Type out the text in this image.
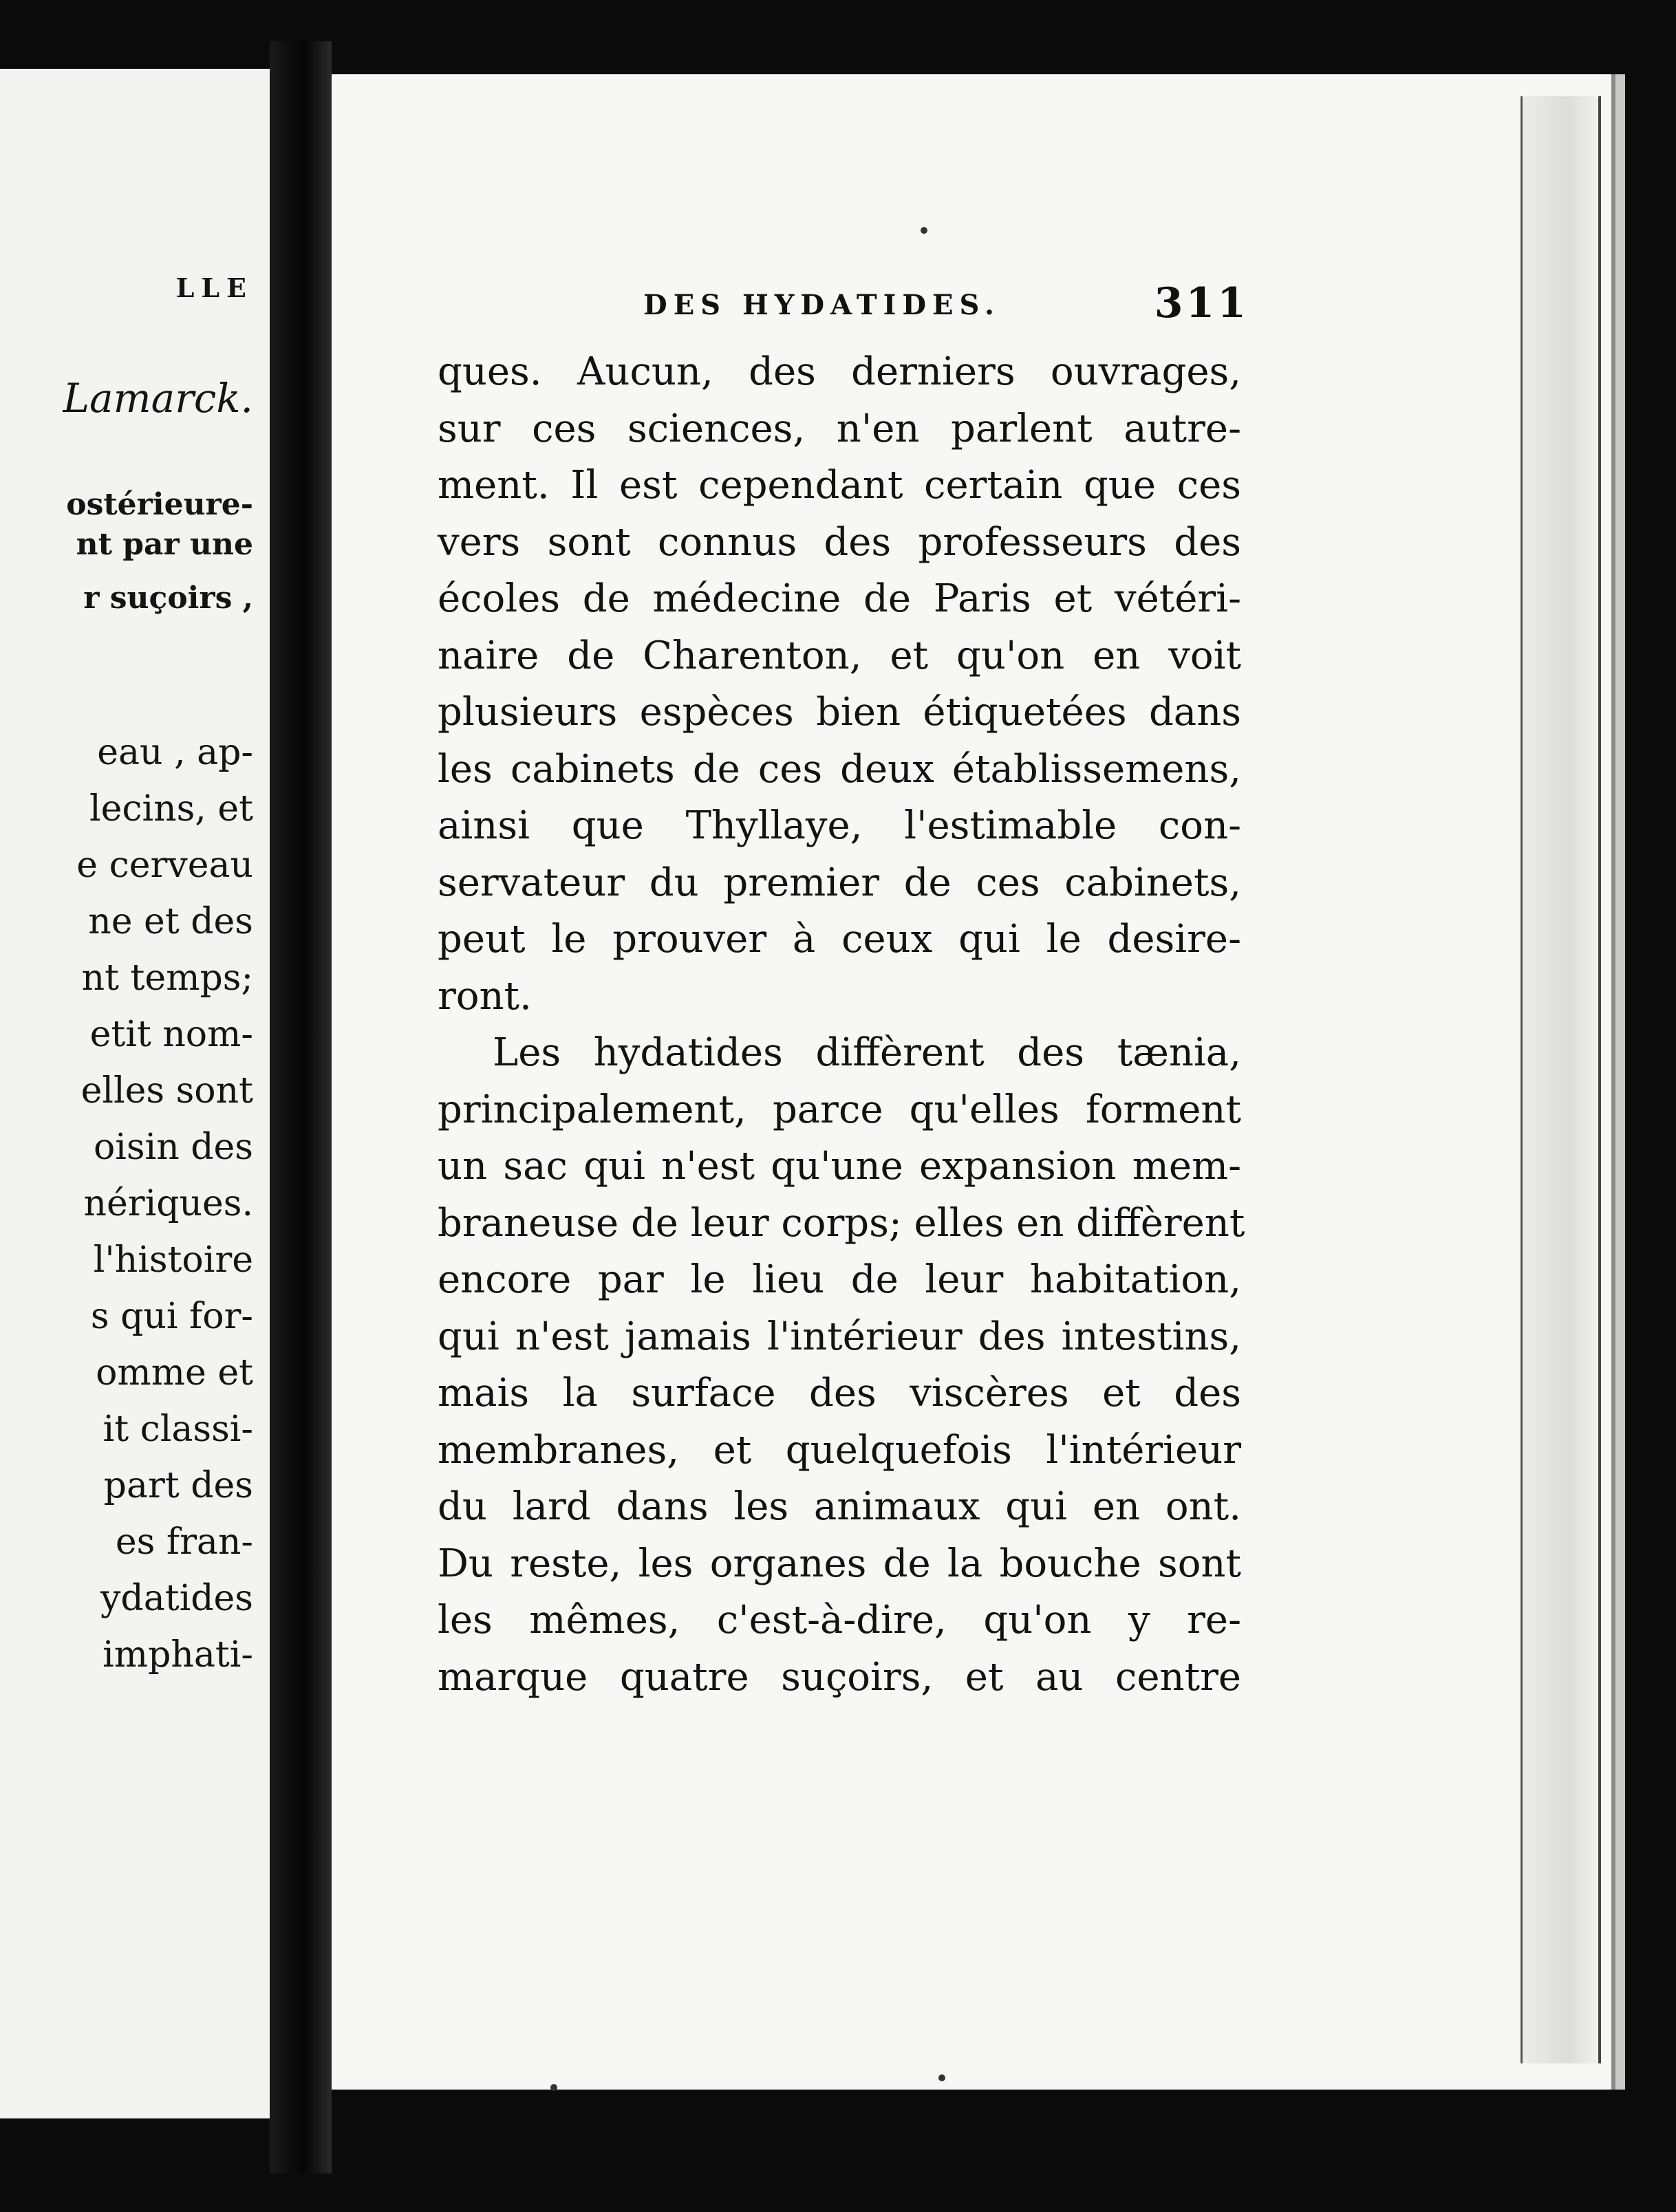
LLE
Lamarck.
ostérieure-
nt par une
r suçoirs ,
eau , ap-
lecins, et
e cerveau
ne et des
nt temps;
etit nom-
elles sont
oisin des
nériques.
l'histoire
s qui for-
omme et
it classi-
part des
es fran-
ydatides
imphati-
DES HYDATIDES.	311
ques. Aucun, des derniers ouvrages,
sur ces sciences, n'en parlent autre-
ment. Il est cependant certain que ces
vers sont connus des professeurs des
écoles de médecine de Paris et vétéri-
naire de Charenton, et qu'on en voit
plusieurs espèces bien étiquetées dans
les cabinets de ces deux établissemens,
ainsi que Thyllaye, l'estimable con-
servateur du premier de ces cabinets,
peut le prouver à ceux qui le desire-
ront.
Les hydatides diffèrent des tænia,
principalement, parce qu'elles forment
un sac qui n'est qu'une expansion mem-
braneuse de leur corps; elles en diffèrent
encore par le lieu de leur habitation,
qui n'est jamais l'intérieur des intestins,
mais la surface des viscères et des
membranes, et quelquefois l'intérieur
du lard dans les animaux qui en ont.
Du reste, les organes de la bouche sont
les mêmes, c'est-à-dire, qu'on y re-
marque quatre suçoirs, et au centre
